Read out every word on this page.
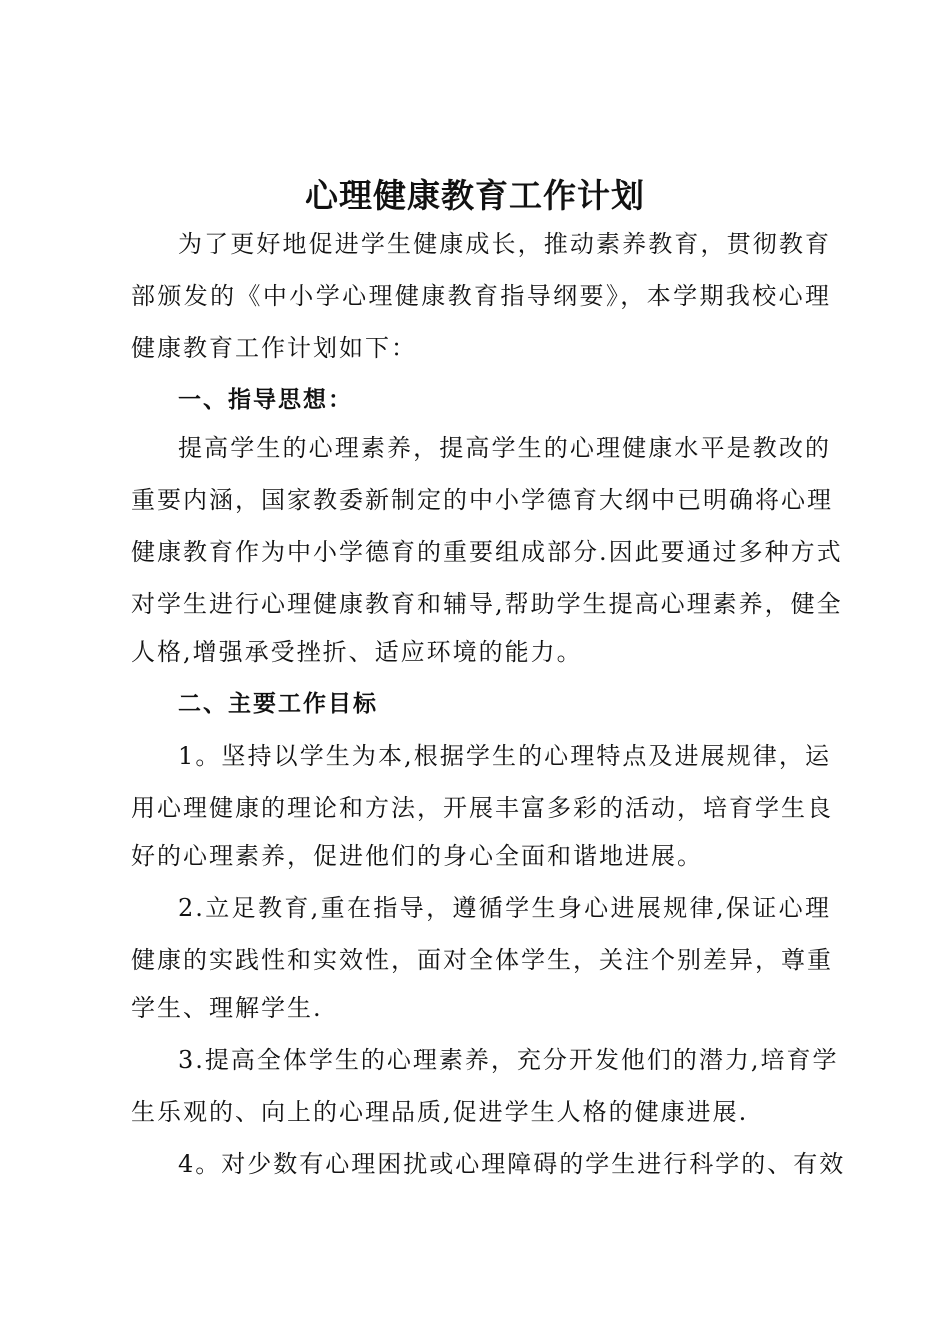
心理健康教育工作计划
为了更好地促进学生健康成长，推动素养教育，贯彻教育
部颁发的《中小学心理健康教育指导纲要》，本学期我校心理
健康教育工作计划如下：
一、指导思想：
提高学生的心理素养，提高学生的心理健康水平是教改的
重要内涵，国家教委新制定的中小学德育大纲中已明确将心理
健康教育作为中小学德育的重要组成部分.因此要通过多种方式
对学生进行心理健康教育和辅导,帮助学生提高心理素养，健全
人格,增强承受挫折、适应环境的能力。
二、主要工作目标
1。坚持以学生为本,根据学生的心理特点及进展规律，运
用心理健康的理论和方法，开展丰富多彩的活动，培育学生良
好的心理素养，促进他们的身心全面和谐地进展。
2.立足教育,重在指导，遵循学生身心进展规律,保证心理
健康的实践性和实效性，面对全体学生，关注个别差异，尊重
学生、理解学生.
3.提高全体学生的心理素养，充分开发他们的潜力,培育学
生乐观的、向上的心理品质,促进学生人格的健康进展.
4。对少数有心理困扰或心理障碍的学生进行科学的、有效
